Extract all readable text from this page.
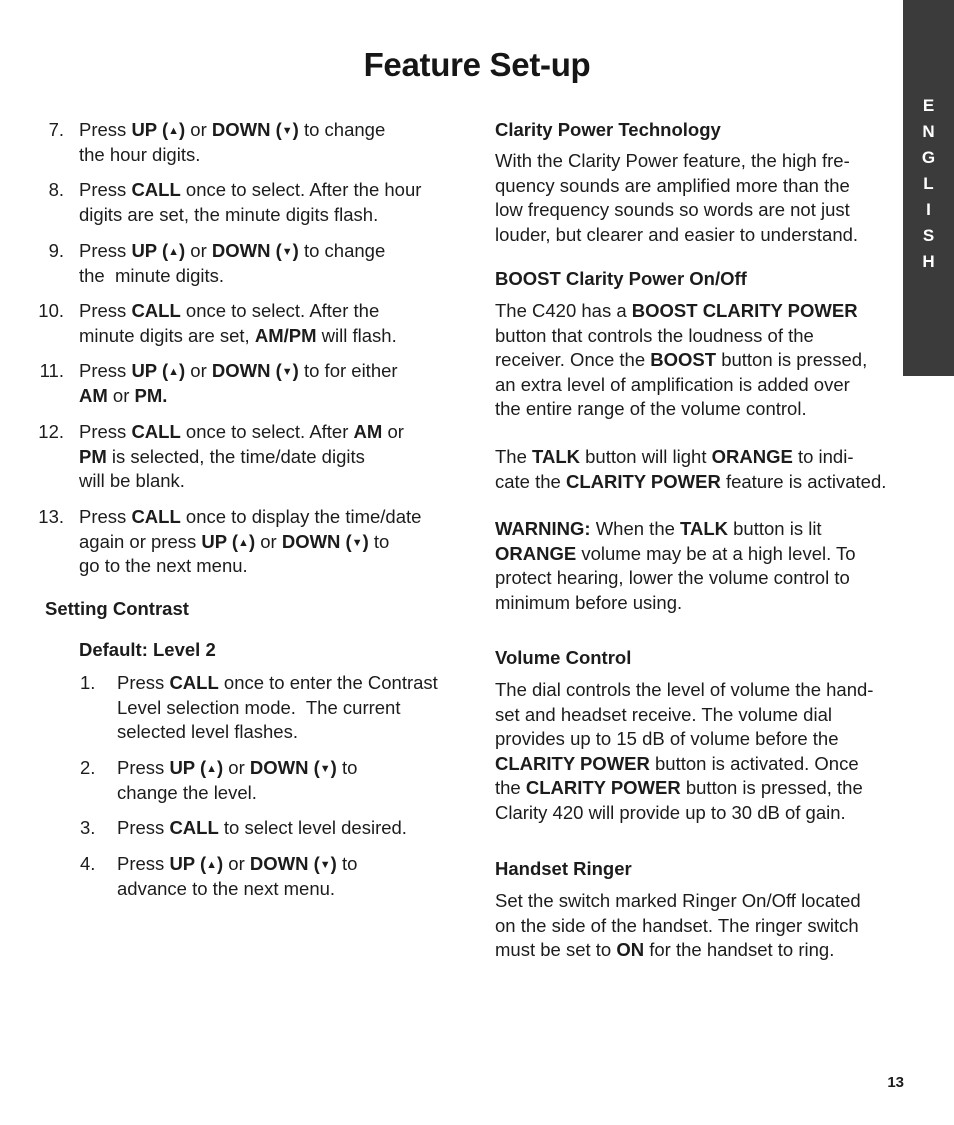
Feature Set-up
E
N
G
L
I
S
H
7. Press UP (▲) or DOWN (▼) to change
the hour digits.
8. Press CALL once to select. After the hour
digits are set, the minute digits flash.
9. Press UP (▲) or DOWN (▼) to change
the  minute digits.
10. Press CALL once to select. After the
minute digits are set, AM/PM will flash.
11. Press UP (▲) or DOWN (▼) to for either
AM or PM.
12. Press CALL once to select. After AM or
PM is selected, the time/date digits
will be blank.
13. Press CALL once to display the time/date
again or press UP (▲) or DOWN (▼) to
go to the next menu.
Setting Contrast
Default: Level 2
1. Press CALL once to enter the Contrast
Level selection mode.  The current
selected level flashes.
2. Press UP (▲) or DOWN (▼) to
change the level.
3. Press CALL to select level desired.
4. Press UP (▲) or DOWN (▼) to
advance to the next menu.
Clarity Power Technology
With the Clarity Power feature, the high fre-
quency sounds are amplified more than the
low frequency sounds so words are not just
louder, but clearer and easier to understand.
BOOST Clarity Power On/Off
The C420 has a BOOST CLARITY POWER
button that controls the loudness of the
receiver. Once the BOOST button is pressed,
an extra level of amplification is added over
the entire range of the volume control.
The TALK button will light ORANGE to indi-
cate the CLARITY POWER feature is activated.
WARNING: When the TALK button is lit
ORANGE volume may be at a high level. To
protect hearing, lower the volume control to
minimum before using.
Volume Control
The dial controls the level of volume the hand-
set and headset receive. The volume dial
provides up to 15 dB of volume before the
CLARITY POWER button is activated. Once
the CLARITY POWER button is pressed, the
Clarity 420 will provide up to 30 dB of gain.
Handset Ringer
Set the switch marked Ringer On/Off located
on the side of the handset. The ringer switch
must be set to ON for the handset to ring.
13
